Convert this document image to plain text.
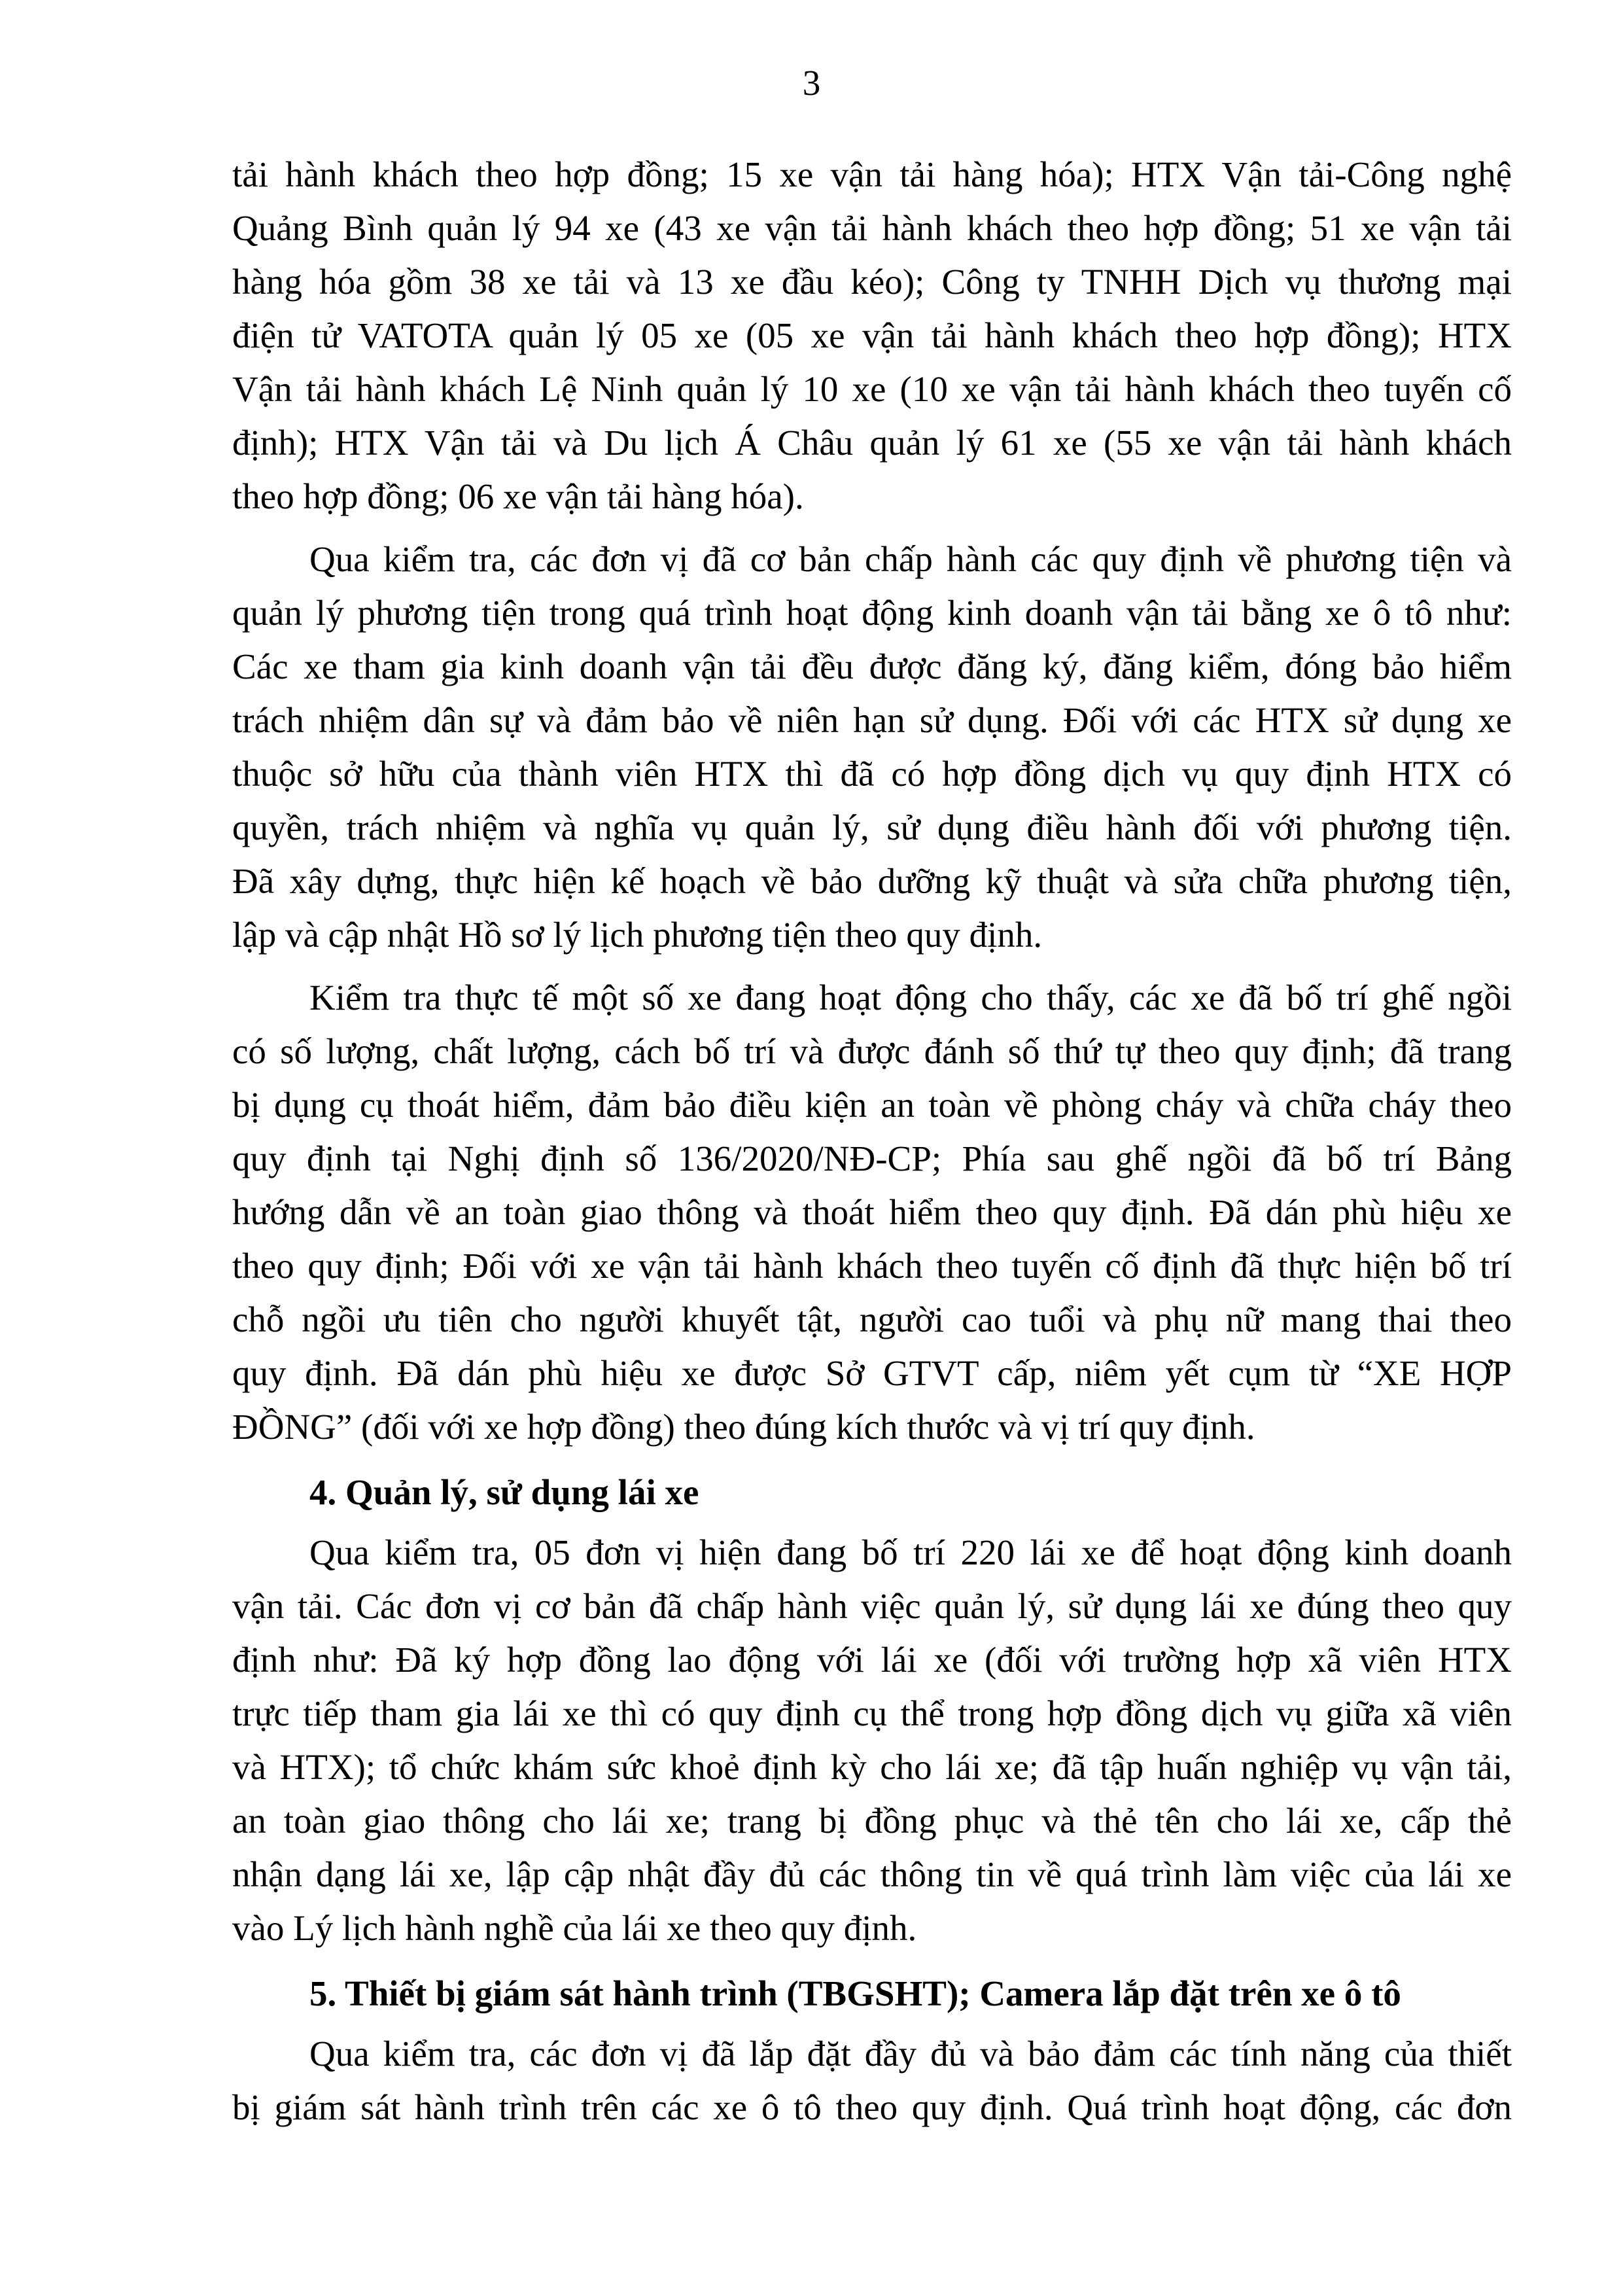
3
tải hành khách theo hợp đồng; 15 xe vận tải hàng hóa); HTX Vận tải-Công nghệ
Quảng Bình quản lý 94 xe (43 xe vận tải hành khách theo hợp đồng; 51 xe vận tải
hàng hóa gồm 38 xe tải và 13 xe đầu kéo); Công ty TNHH Dịch vụ thương mại
điện tử VATOTA quản lý 05 xe (05 xe vận tải hành khách theo hợp đồng); HTX
Vận tải hành khách Lệ Ninh quản lý 10 xe (10 xe vận tải hành khách theo tuyến cố
định); HTX Vận tải và Du lịch Á Châu quản lý 61 xe (55 xe vận tải hành khách
theo hợp đồng; 06 xe vận tải hàng hóa).
Qua kiểm tra, các đơn vị đã cơ bản chấp hành các quy định về phương tiện và
quản lý phương tiện trong quá trình hoạt động kinh doanh vận tải bằng xe ô tô như:
Các xe tham gia kinh doanh vận tải đều được đăng ký, đăng kiểm, đóng bảo hiểm
trách nhiệm dân sự và đảm bảo về niên hạn sử dụng. Đối với các HTX sử dụng xe
thuộc sở hữu của thành viên HTX thì đã có hợp đồng dịch vụ quy định HTX có
quyền, trách nhiệm và nghĩa vụ quản lý, sử dụng điều hành đối với phương tiện.
Đã xây dựng, thực hiện kế hoạch về bảo dưỡng kỹ thuật và sửa chữa phương tiện,
lập và cập nhật Hồ sơ lý lịch phương tiện theo quy định.
Kiểm tra thực tế một số xe đang hoạt động cho thấy, các xe đã bố trí ghế ngồi
có số lượng, chất lượng, cách bố trí và được đánh số thứ tự theo quy định; đã trang
bị dụng cụ thoát hiểm, đảm bảo điều kiện an toàn về phòng cháy và chữa cháy theo
quy định tại Nghị định số 136/2020/NĐ-CP; Phía sau ghế ngồi đã bố trí Bảng
hướng dẫn về an toàn giao thông và thoát hiểm theo quy định. Đã dán phù hiệu xe
theo quy định; Đối với xe vận tải hành khách theo tuyến cố định đã thực hiện bố trí
chỗ ngồi ưu tiên cho người khuyết tật, người cao tuổi và phụ nữ mang thai theo
quy định. Đã dán phù hiệu xe được Sở GTVT cấp, niêm yết cụm từ “XE HỢP
ĐỒNG” (đối với xe hợp đồng) theo đúng kích thước và vị trí quy định.
4. Quản lý, sử dụng lái xe
Qua kiểm tra, 05 đơn vị hiện đang bố trí 220 lái xe để hoạt động kinh doanh
vận tải. Các đơn vị cơ bản đã chấp hành việc quản lý, sử dụng lái xe đúng theo quy
định như: Đã ký hợp đồng lao động với lái xe (đối với trường hợp xã viên HTX
trực tiếp tham gia lái xe thì có quy định cụ thể trong hợp đồng dịch vụ giữa xã viên
và HTX); tổ chức khám sức khoẻ định kỳ cho lái xe; đã tập huấn nghiệp vụ vận tải,
an toàn giao thông cho lái xe; trang bị đồng phục và thẻ tên cho lái xe, cấp thẻ
nhận dạng lái xe, lập cập nhật đầy đủ các thông tin về quá trình làm việc của lái xe
vào Lý lịch hành nghề của lái xe theo quy định.
5. Thiết bị giám sát hành trình (TBGSHT); Camera lắp đặt trên xe ô tô
Qua kiểm tra, các đơn vị đã lắp đặt đầy đủ và bảo đảm các tính năng của thiết
bị giám sát hành trình trên các xe ô tô theo quy định. Quá trình hoạt động, các đơn
